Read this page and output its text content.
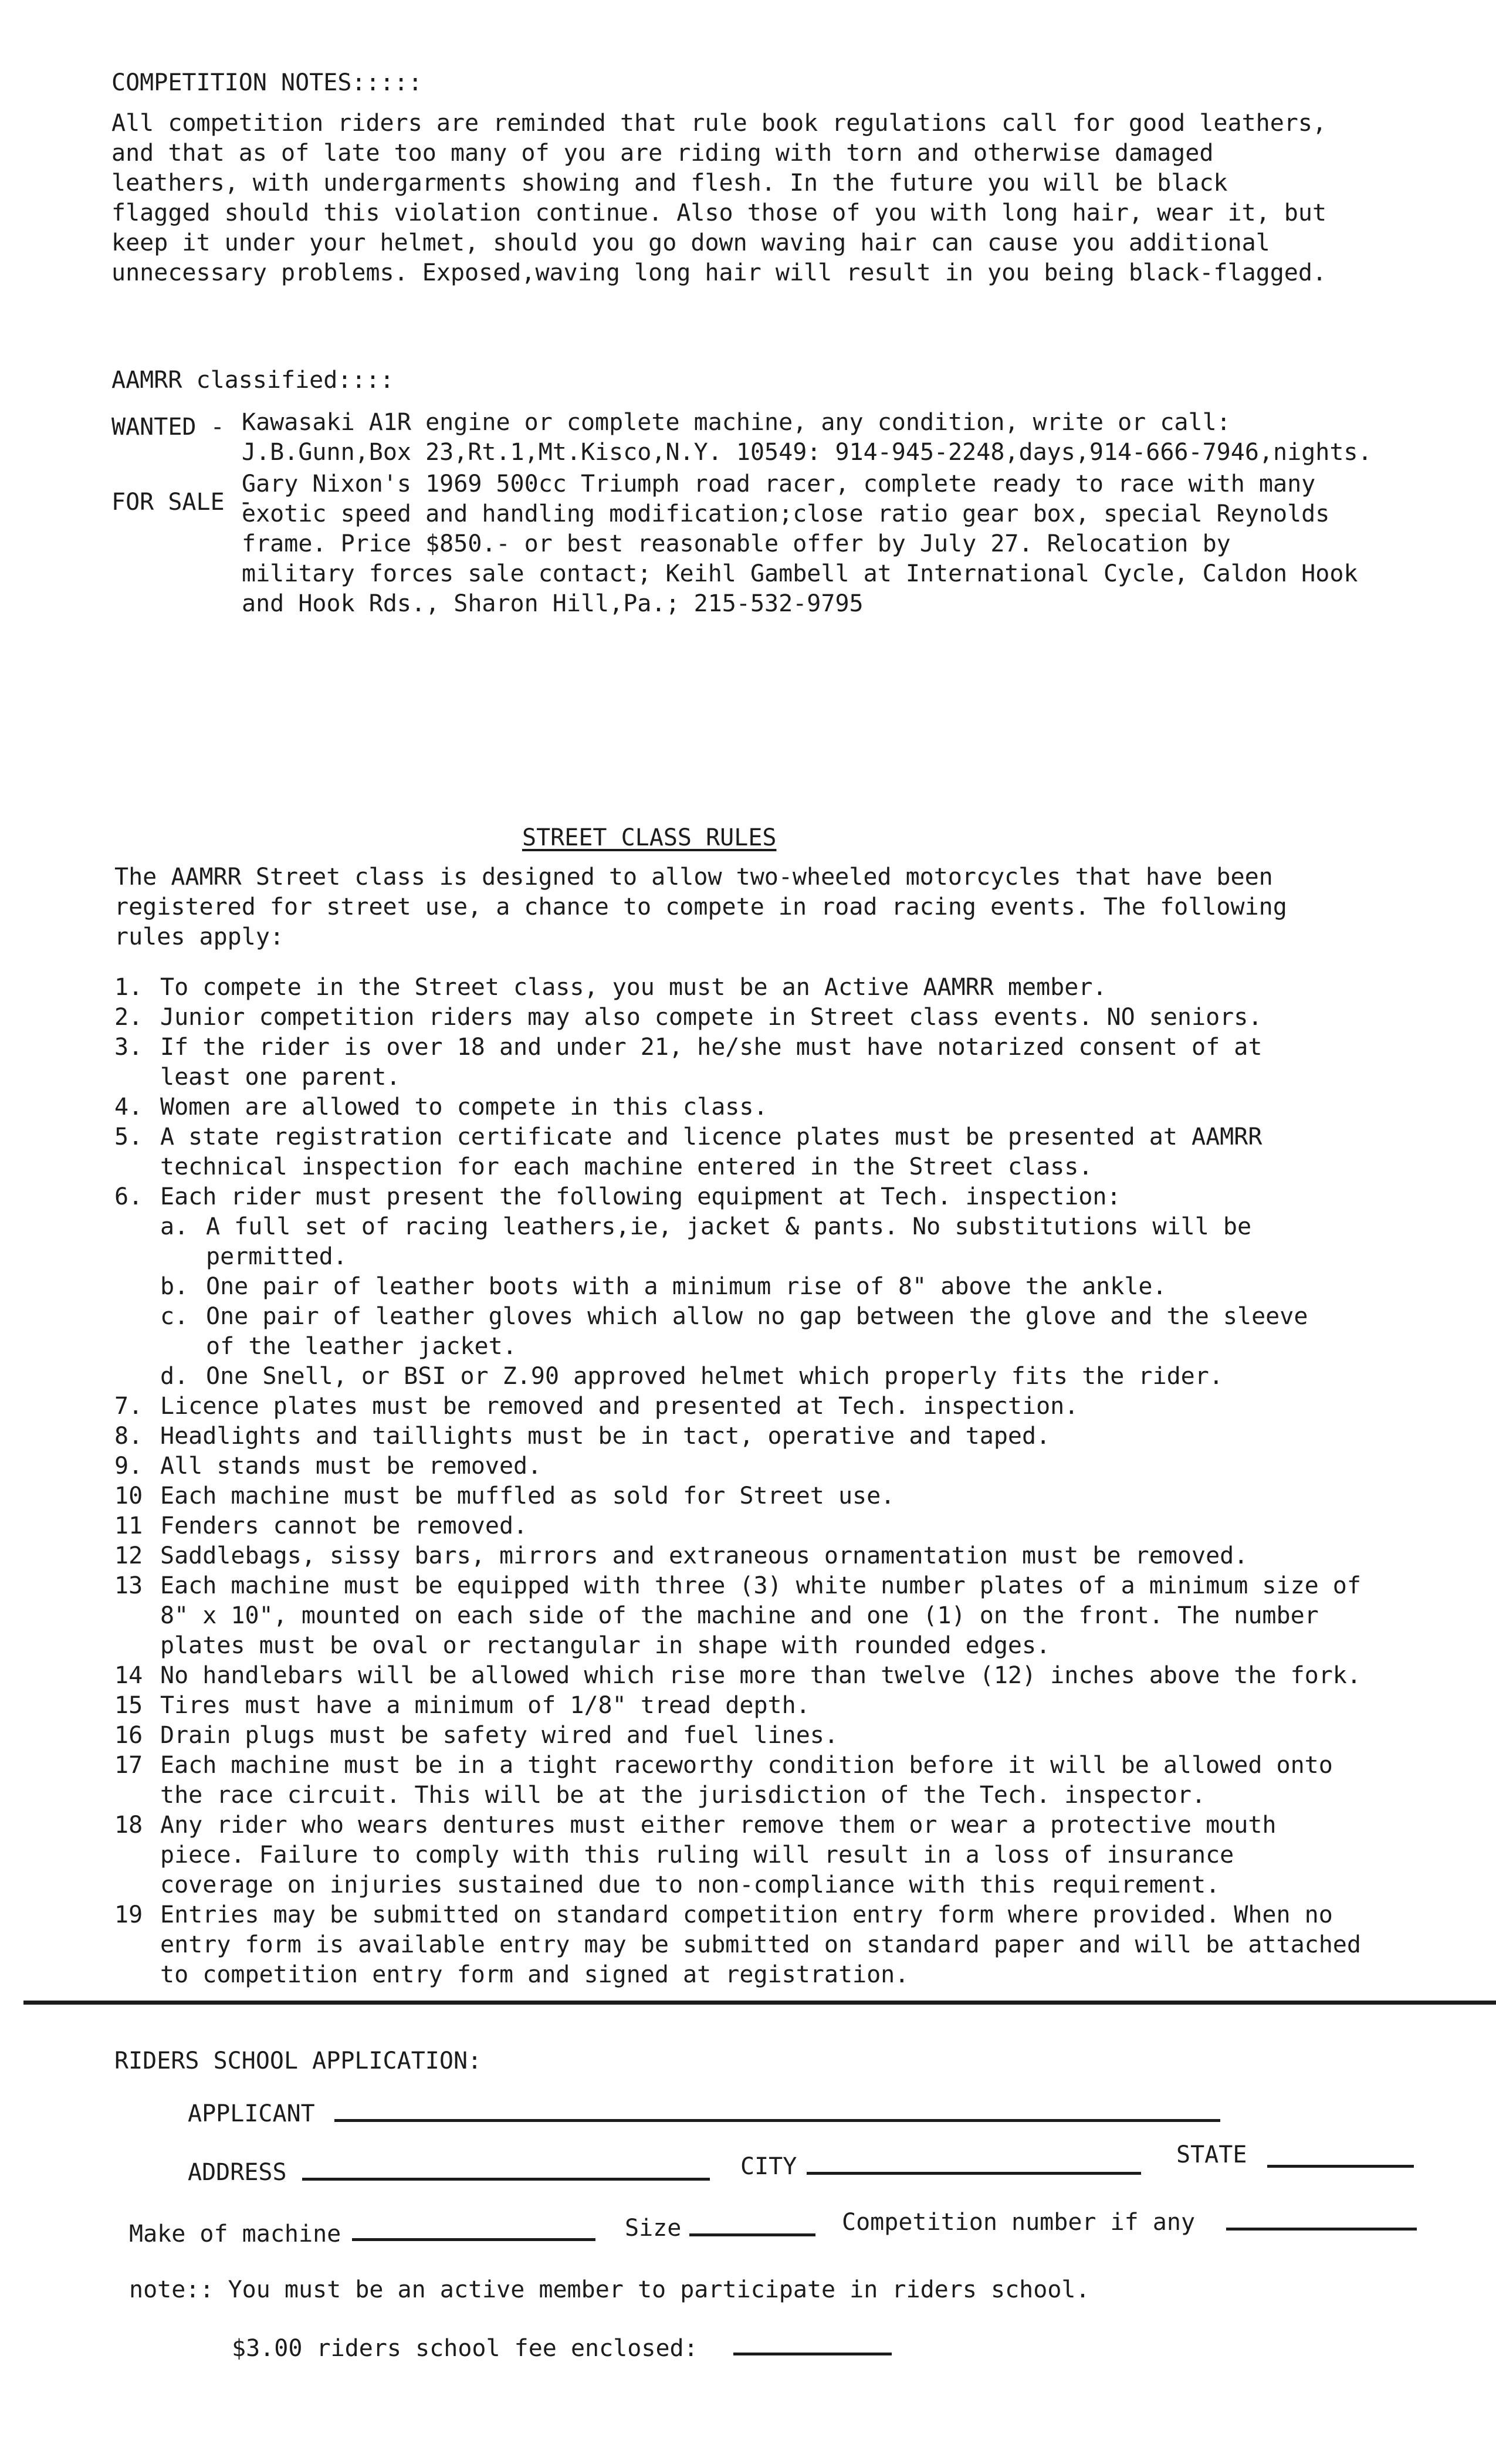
COMPETITION NOTES:::::
All competition riders are reminded that rule book regulations call for good leathers,
and that as of late too many of you are riding with torn and otherwise damaged
leathers, with undergarments showing and flesh. In the future you will be black
flagged should this violation continue. Also those of you with long hair, wear it, but
keep it under your helmet, should you go down waving hair can cause you additional
unnecessary problems. Exposed,waving long hair will result in you being black-flagged.
AAMRR classified::::
WANTED - Kawasaki A1R engine or complete machine, any condition, write or call:
J.B.Gunn,Box 23,Rt.1,Mt.Kisco,N.Y. 10549: 914-945-2248,days,914-666-7946,nights.
FOR SALE -
Gary Nixon's 1969 500cc Triumph road racer, complete ready to race with many
exotic speed and handling modification;close ratio gear box, special Reynolds
frame. Price $850.- or best reasonable offer by July 27. Relocation by
military forces sale contact; Keihl Gambell at International Cycle, Caldon Hook
and Hook Rds., Sharon Hill,Pa.; 215-532-9795
STREET CLASS RULES
The AAMRR Street class is designed to allow two-wheeled motorcycles that have been
registered for street use, a chance to compete in road racing events. The following
rules apply:
1. To compete in the Street class, you must be an Active AAMRR member.
2. Junior competition riders may also compete in Street class events. NO seniors.
3. If the rider is over 18 and under 21, he/she must have notarized consent of at
least one parent.
4. Women are allowed to compete in this class.
5. A state registration certificate and licence plates must be presented at AAMRR
technical inspection for each machine entered in the Street class.
6. Each rider must present the following equipment at Tech. inspection:
a. A full set of racing leathers,ie, jacket & pants. No substitutions will be
permitted.
b. One pair of leather boots with a minimum rise of 8" above the ankle.
c. One pair of leather gloves which allow no gap between the glove and the sleeve
of the leather jacket.
d. One Snell, or BSI or Z.90 approved helmet which properly fits the rider.
7. Licence plates must be removed and presented at Tech. inspection.
8. Headlights and taillights must be in tact, operative and taped.
9. All stands must be removed.
10 Each machine must be muffled as sold for Street use.
11 Fenders cannot be removed.
12 Saddlebags, sissy bars, mirrors and extraneous ornamentation must be removed.
13 Each machine must be equipped with three (3) white number plates of a minimum size of
8" x 10", mounted on each side of the machine and one (1) on the front. The number
plates must be oval or rectangular in shape with rounded edges.
14 No handlebars will be allowed which rise more than twelve (12) inches above the fork.
15 Tires must have a minimum of 1/8" tread depth.
16 Drain plugs must be safety wired and fuel lines.
17 Each machine must be in a tight raceworthy condition before it will be allowed onto
the race circuit. This will be at the jurisdiction of the Tech. inspector.
18 Any rider who wears dentures must either remove them or wear a protective mouth
piece. Failure to comply with this ruling will result in a loss of insurance
coverage on injuries sustained due to non-compliance with this requirement.
19 Entries may be submitted on standard competition entry form where provided. When no
entry form is available entry may be submitted on standard paper and will be attached
to competition entry form and signed at registration.
RIDERS SCHOOL APPLICATION:
APPLICANT
ADDRESS	CITY	STATE
Make of machine	Size	Competition number if any
note:: You must be an active member to participate in riders school.
$3.00 riders school fee enclosed:
